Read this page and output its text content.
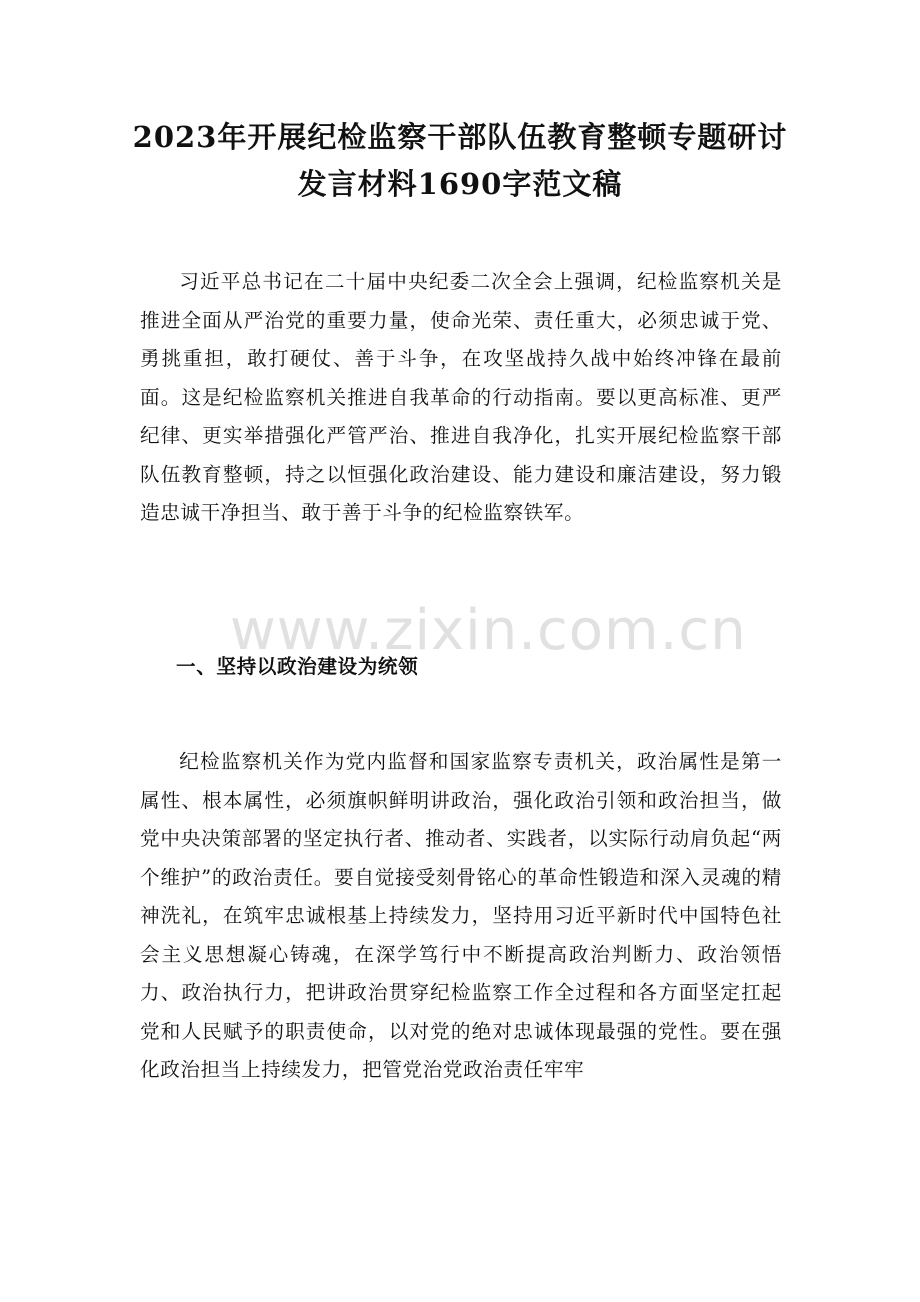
2023年开展纪检监察干部队伍教育整顿专题研讨发言材料1690字范文稿

习近平总书记在二十届中央纪委二次全会上强调，纪检监察机关是推进全面从严治党的重要力量，使命光荣、责任重大，必须忠诚于党、勇挑重担，敢打硬仗、善于斗争，在攻坚战持久战中始终冲锋在最前面。这是纪检监察机关推进自我革命的行动指南。要以更高标准、更严纪律、更实举措强化严管严治、推进自我净化，扎实开展纪检监察干部队伍教育整顿，持之以恒强化政治建设、能力建设和廉洁建设，努力锻造忠诚干净担当、敢于善于斗争的纪检监察铁军。

www.zixin.com.cn
一、坚持以政治建设为统领

纪检监察机关作为党内监督和国家监察专责机关，政治属性是第一属性、根本属性，必须旗帜鲜明讲政治，强化政治引领和政治担当，做党中央决策部署的坚定执行者、推动者、实践者，以实际行动肩负起“两个维护”的政治责任。要自觉接受刻骨铭心的革命性锻造和深入灵魂的精神洗礼，在筑牢忠诚根基上持续发力，坚持用习近平新时代中国特色社会主义思想凝心铸魂，在深学笃行中不断提高政治判断力、政治领悟力、政治执行力，把讲政治贯穿纪检监察工作全过程和各方面坚定扛起党和人民赋予的职责使命，以对党的绝对忠诚体现最强的党性。要在强化政治担当上持续发力，把管党治党政治责任牢牢
